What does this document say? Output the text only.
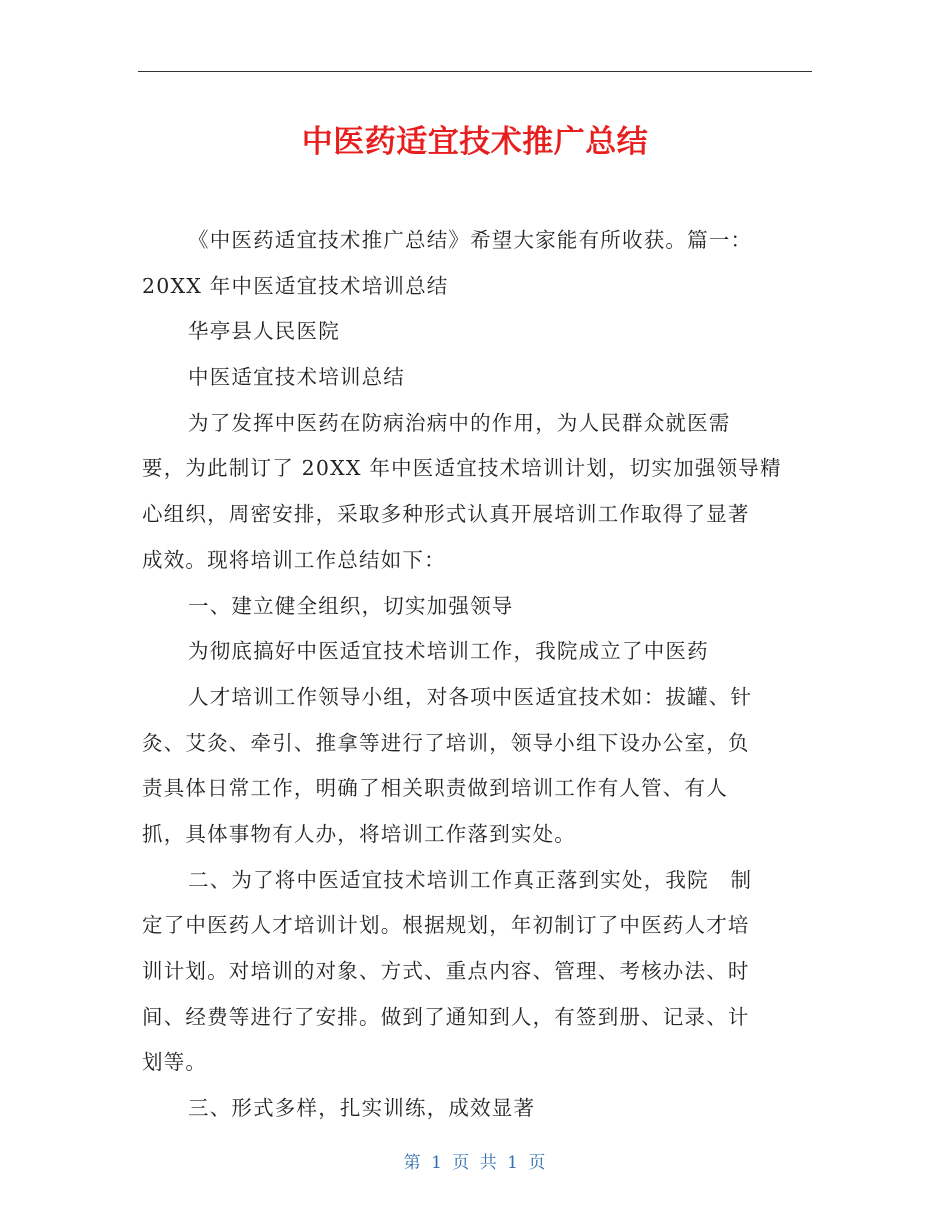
中医药适宜技术推广总结
《中医药适宜技术推广总结》希望大家能有所收获。篇一：
20XX 年中医适宜技术培训总结
华亭县人民医院
中医适宜技术培训总结
为了发挥中医药在防病治病中的作用，为人民群众就医需
要，为此制订了 20XX 年中医适宜技术培训计划，切实加强领导精
心组织，周密安排，采取多种形式认真开展培训工作取得了显著
成效。现将培训工作总结如下：
一、建立健全组织，切实加强领导
为彻底搞好中医适宜技术培训工作，我院成立了中医药
人才培训工作领导小组，对各项中医适宜技术如：拔罐、针
灸、艾灸、牵引、推拿等进行了培训，领导小组下设办公室，负
责具体日常工作，明确了相关职责做到培训工作有人管、有人
抓，具体事物有人办，将培训工作落到实处。
二、为了将中医适宜技术培训工作真正落到实处，我院　制
定了中医药人才培训计划。根据规划，年初制订了中医药人才培
训计划。对培训的对象、方式、重点内容、管理、考核办法、时
间、经费等进行了安排。做到了通知到人，有签到册、记录、计
划等。
三、形式多样，扎实训练，成效显著
第 1 页 共 1 页
